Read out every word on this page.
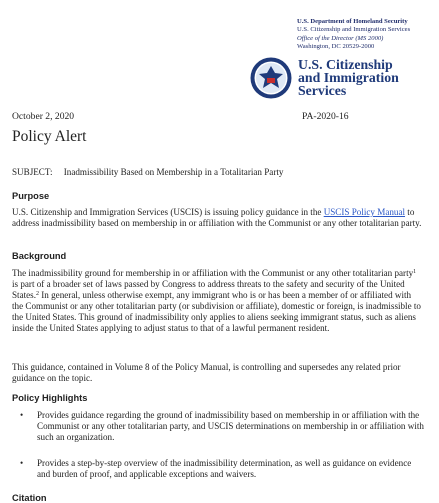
U.S. Department of Homeland Security
U.S. Citizenship and Immigration Services
Office of the Director (MS 2000)
Washington, DC 20529-2000
U.S. Citizenship
and Immigration
Services
October 2, 2020	PA-2020-16
Policy Alert
SUBJECT: Inadmissibility Based on Membership in a Totalitarian Party
Purpose
U.S. Citizenship and Immigration Services (USCIS) is issuing policy guidance in the USCIS Policy Manual to address inadmissibility based on membership in or affiliation with the Communist or any other totalitarian party.
Background
The inadmissibility ground for membership in or affiliation with the Communist or any other totalitarian party$^1$ is part of a broader set of laws passed by Congress to address threats to the safety and security of the United States.$^2$ In general, unless otherwise exempt, any immigrant who is or has been a member of or affiliated with the Communist or any other totalitarian party (or subdivision or affiliate), domestic or foreign, is inadmissible to the United States. This ground of inadmissibility only applies to aliens seeking immigrant status, such as aliens inside the United States applying to adjust status to that of a lawful permanent resident.
This guidance, contained in Volume 8 of the Policy Manual, is controlling and supersedes any related prior guidance on the topic.
Policy Highlights
• Provides guidance regarding the ground of inadmissibility based on membership in or affiliation with the Communist or any other totalitarian party, and USCIS determinations on membership in or affiliation with such an organization.
• Provides a step-by-step overview of the inadmissibility determination, as well as guidance on evidence and burden of proof, and applicable exceptions and waivers.
Citation
